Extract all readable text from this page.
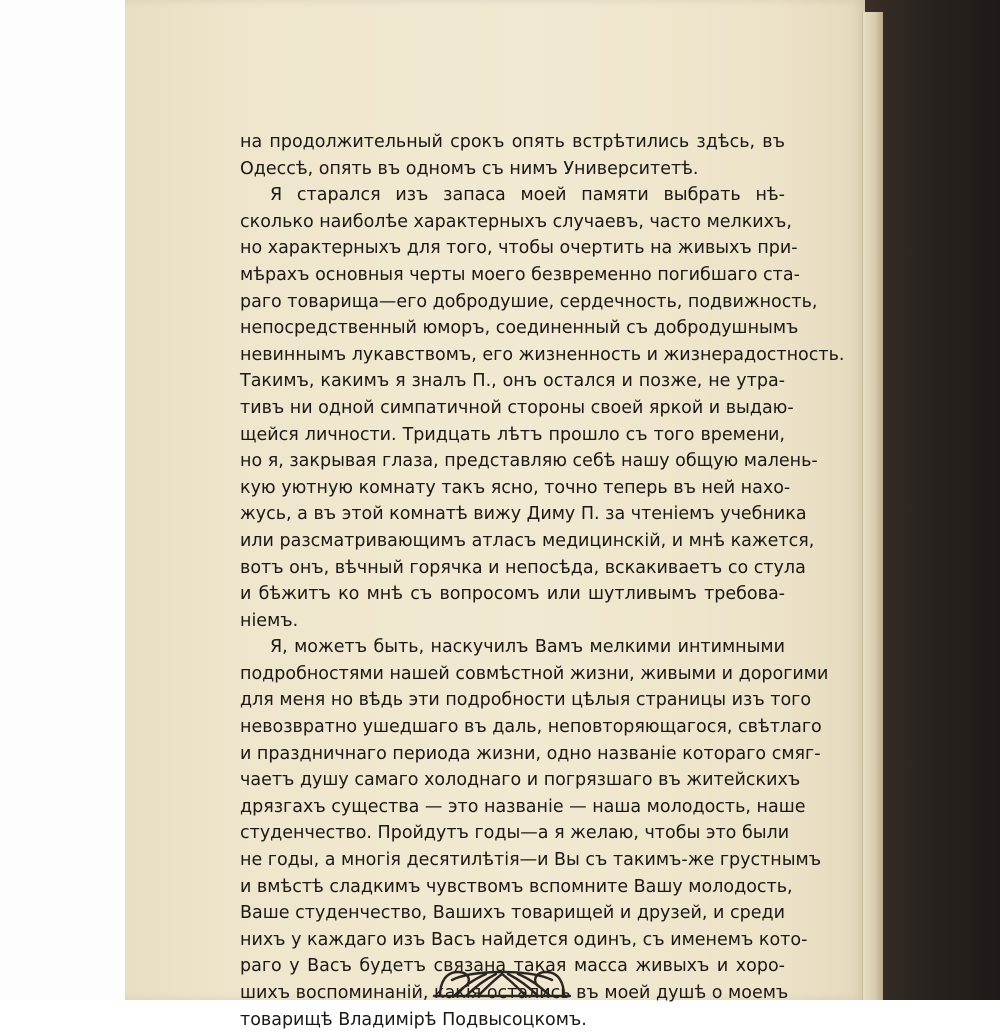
на продолжительный срокъ опять встрѣтились здѣсь, въ
Одессѣ, опять въ одномъ съ нимъ Университетѣ.
Я старался изъ запаса моей памяти выбрать нѣ-
сколько наиболѣе характерныхъ случаевъ, часто мелкихъ,
но характерныхъ для того, чтобы очертить на живыхъ при-
мѣрахъ основныя черты моего безвременно погибшаго ста-
раго товарища—его добродушие, сердечность, подвижность,
непосредственный юморъ, соединенный съ добродушнымъ
невиннымъ лукавствомъ, его жизненность и жизнерадостность.
Такимъ, какимъ я зналъ П., онъ остался и позже, не утра-
тивъ ни одной симпатичной стороны своей яркой и выдаю-
щейся личности. Тридцать лѣтъ прошло съ того времени,
но я, закрывая глаза, представляю себѣ нашу общую малень-
кую уютную комнату такъ ясно, точно теперь въ ней нахо-
жусь, а въ этой комнатѣ вижу Диму П. за чтенiемъ учебника
или разсматривающимъ атласъ медицинскiй, и мнѣ кажется,
вотъ онъ, вѣчный горячка и непосѣда, вскакиваетъ со стула
и бѣжитъ ко мнѣ съ вопросомъ или шутливымъ требова-
нiемъ.
Я, можетъ быть, наскучилъ Вамъ мелкими интимными
подробностями нашей совмѣстной жизни, живыми и дорогими
для меня но вѣдь эти подробности цѣлыя страницы изъ того
невозвратно ушедшаго въ даль, неповторяющагося, свѣтлаго
и праздничнаго периода жизни, одно названiе котораго смяг-
чаетъ душу самаго холоднаго и погрязшаго въ житейскихъ
дрязгахъ существа — это названiе — наша молодость, наше
студенчество. Пройдутъ годы—а я желаю, чтобы это были
не годы, а многiя десятилѣтiя—и Вы съ такимъ-же грустнымъ
и вмѣстѣ сладкимъ чувствомъ вспомните Вашу молодость,
Ваше студенчество, Вашихъ товарищей и друзей, и среди
нихъ у каждаго изъ Васъ найдется одинъ, съ именемъ кото-
раго у Васъ будетъ связана такая масса живыхъ и хоро-
шихъ воспоминанiй, какiя остались въ моей душѣ о моемъ
товарищѣ Владимiрѣ Подвысоцкомъ.
